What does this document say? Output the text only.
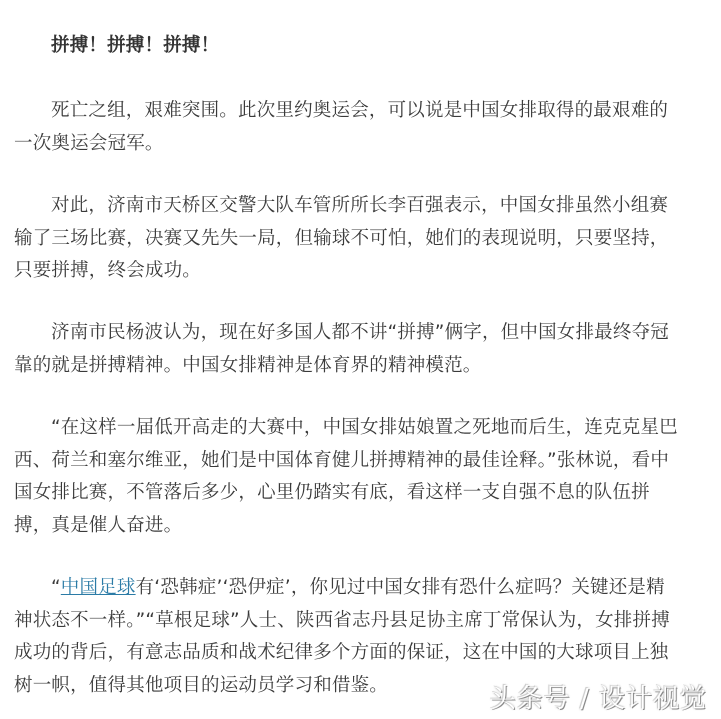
拼搏！拼搏！拼搏！

死亡之组，艰难突围。此次里约奥运会，可以说是中国女排取得的最艰难的一次奥运会冠军。

对此，济南市天桥区交警大队车管所所长李百强表示，中国女排虽然小组赛输了三场比赛，决赛又先失一局，但输球不可怕，她们的表现说明，只要坚持，只要拼搏，终会成功。

济南市民杨波认为，现在好多国人都不讲“拼搏”俩字，但中国女排最终夺冠靠的就是拼搏精神。中国女排精神是体育界的精神模范。

“在这样一届低开高走的大赛中，中国女排姑娘置之死地而后生，连克克星巴西、荷兰和塞尔维亚，她们是中国体育健儿拼搏精神的最佳诠释。”张林说，看中国女排比赛，不管落后多少，心里仍踏实有底，看这样一支自强不息的队伍拼搏，真是催人奋进。

“中国足球有‘恐韩症’‘恐伊症’，你见过中国女排有恐什么症吗？关键还是精神状态不一样。”“草根足球”人士、陕西省志丹县足协主席丁常保认为，女排拼搏成功的背后，有意志品质和战术纪律多个方面的保证，这在中国的大球项目上独树一帜，值得其他项目的运动员学习和借鉴。	头条号 / 设计视觉
